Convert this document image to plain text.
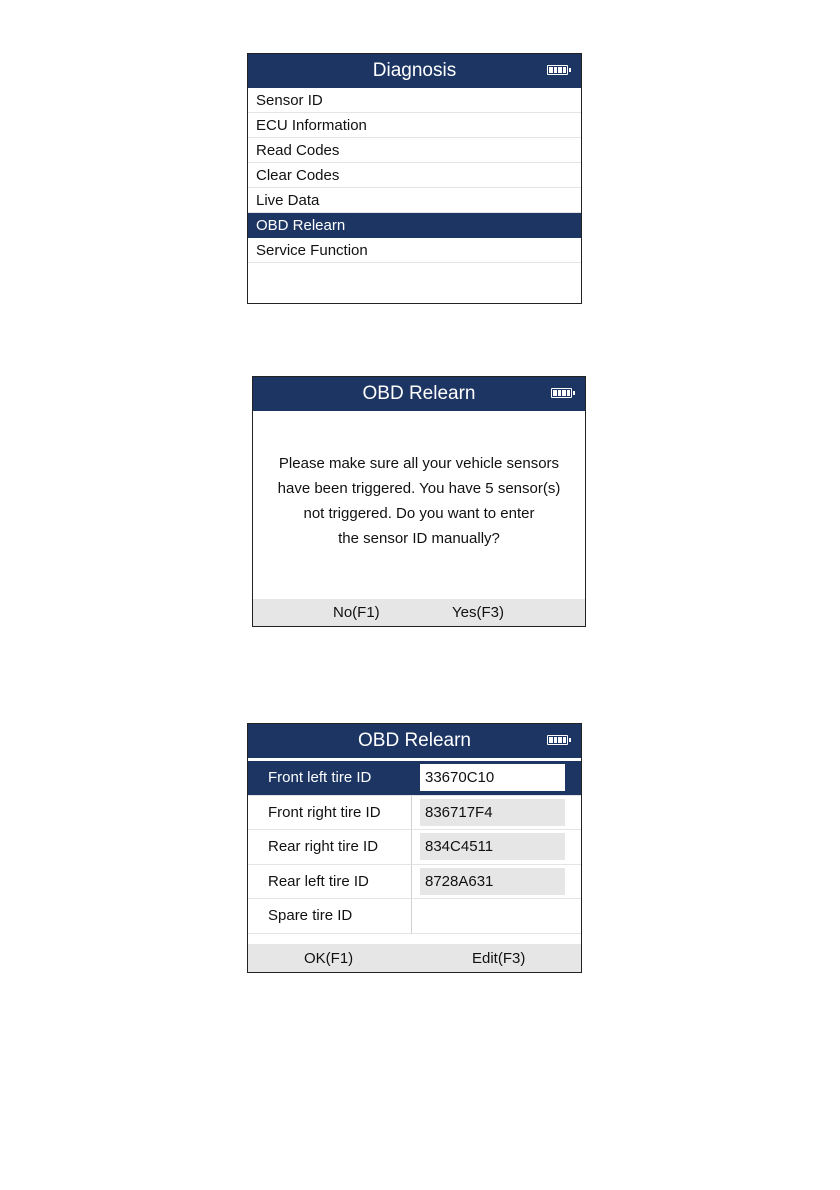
Diagnosis
Sensor ID
ECU Information
Read Codes
Clear Codes
Live Data
OBD Relearn
Service Function
OBD Relearn
Please make sure all your vehicle sensors
have been triggered. You have 5 sensor(s)
not triggered. Do you want to enter
the sensor ID manually?
No(F1)	Yes(F3)
OBD Relearn
Front left tire ID	33670C10
Front right tire ID	836717F4
Rear right tire ID	834C4511
Rear left tire ID	8728A631
Spare tire ID
OK(F1)	Edit(F3)
